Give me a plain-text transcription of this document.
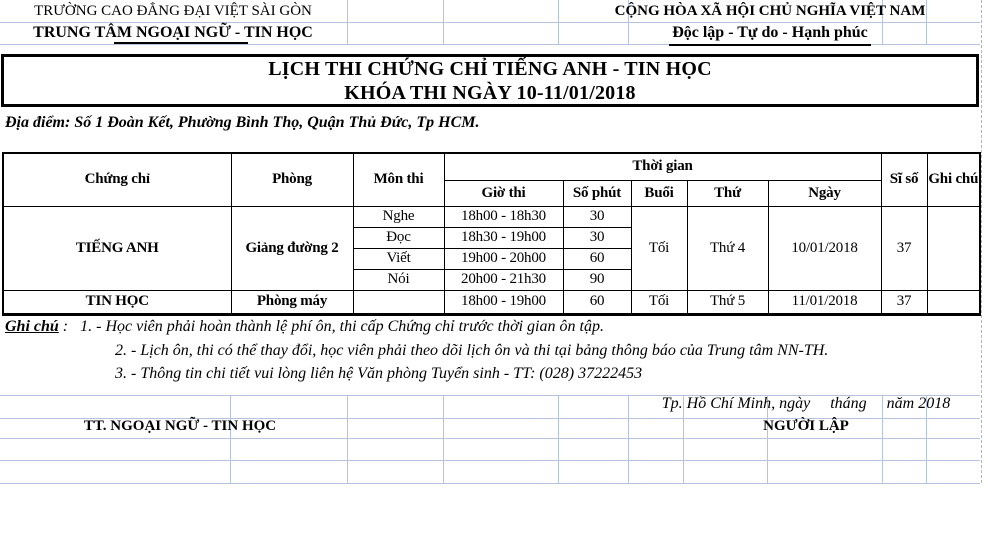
TRƯỜNG CAO ĐẲNG ĐẠI VIỆT SÀI GÒN
TRUNG TÂM NGOẠI NGỮ - TIN HỌC
CỘNG HÒA XÃ HỘI CHỦ NGHĨA VIỆT NAM
Độc lập - Tự do - Hạnh phúc
LỊCH THI CHỨNG CHỈ TIẾNG ANH - TIN HỌC
KHÓA THI NGÀY 10-11/01/2018
Địa điểm: Số 1 Đoàn Kết, Phường Bình Thọ, Quận Thủ Đức, Tp HCM.
Chứng chỉ	Phòng	Môn thi	Thời gian					Sĩ số	Ghi chú
			Giờ thi	Số phút	Buổi	Thứ	Ngày		
TIẾNG ANH	Giảng đường 2	Nghe	18h00 - 18h30	30	Tối	Thứ 4	10/01/2018	37	
		Đọc	18h30 - 19h00	30					
		Viết	19h00 - 20h00	60					
		Nói	20h00 - 21h30	90					
TIN HỌC	Phòng máy		18h00 - 19h00	60	Tối	Thứ 5	11/01/2018	37	
Ghi chú : 1. - Học viên phải hoàn thành lệ phí ôn, thi cấp Chứng chỉ trước thời gian ôn tập.
2. - Lịch ôn, thi có thể thay đổi, học viên phải theo dõi lịch ôn và thi tại bảng thông báo của Trung tâm NN-TH.
3. - Thông tin chi tiết vui lòng liên hệ Văn phòng Tuyển sinh - TT: (028) 37222453
Tp. Hồ Chí Minh, ngày     tháng     năm 2018
TT. NGOẠI NGỮ - TIN HỌC	NGƯỜI LẬP
